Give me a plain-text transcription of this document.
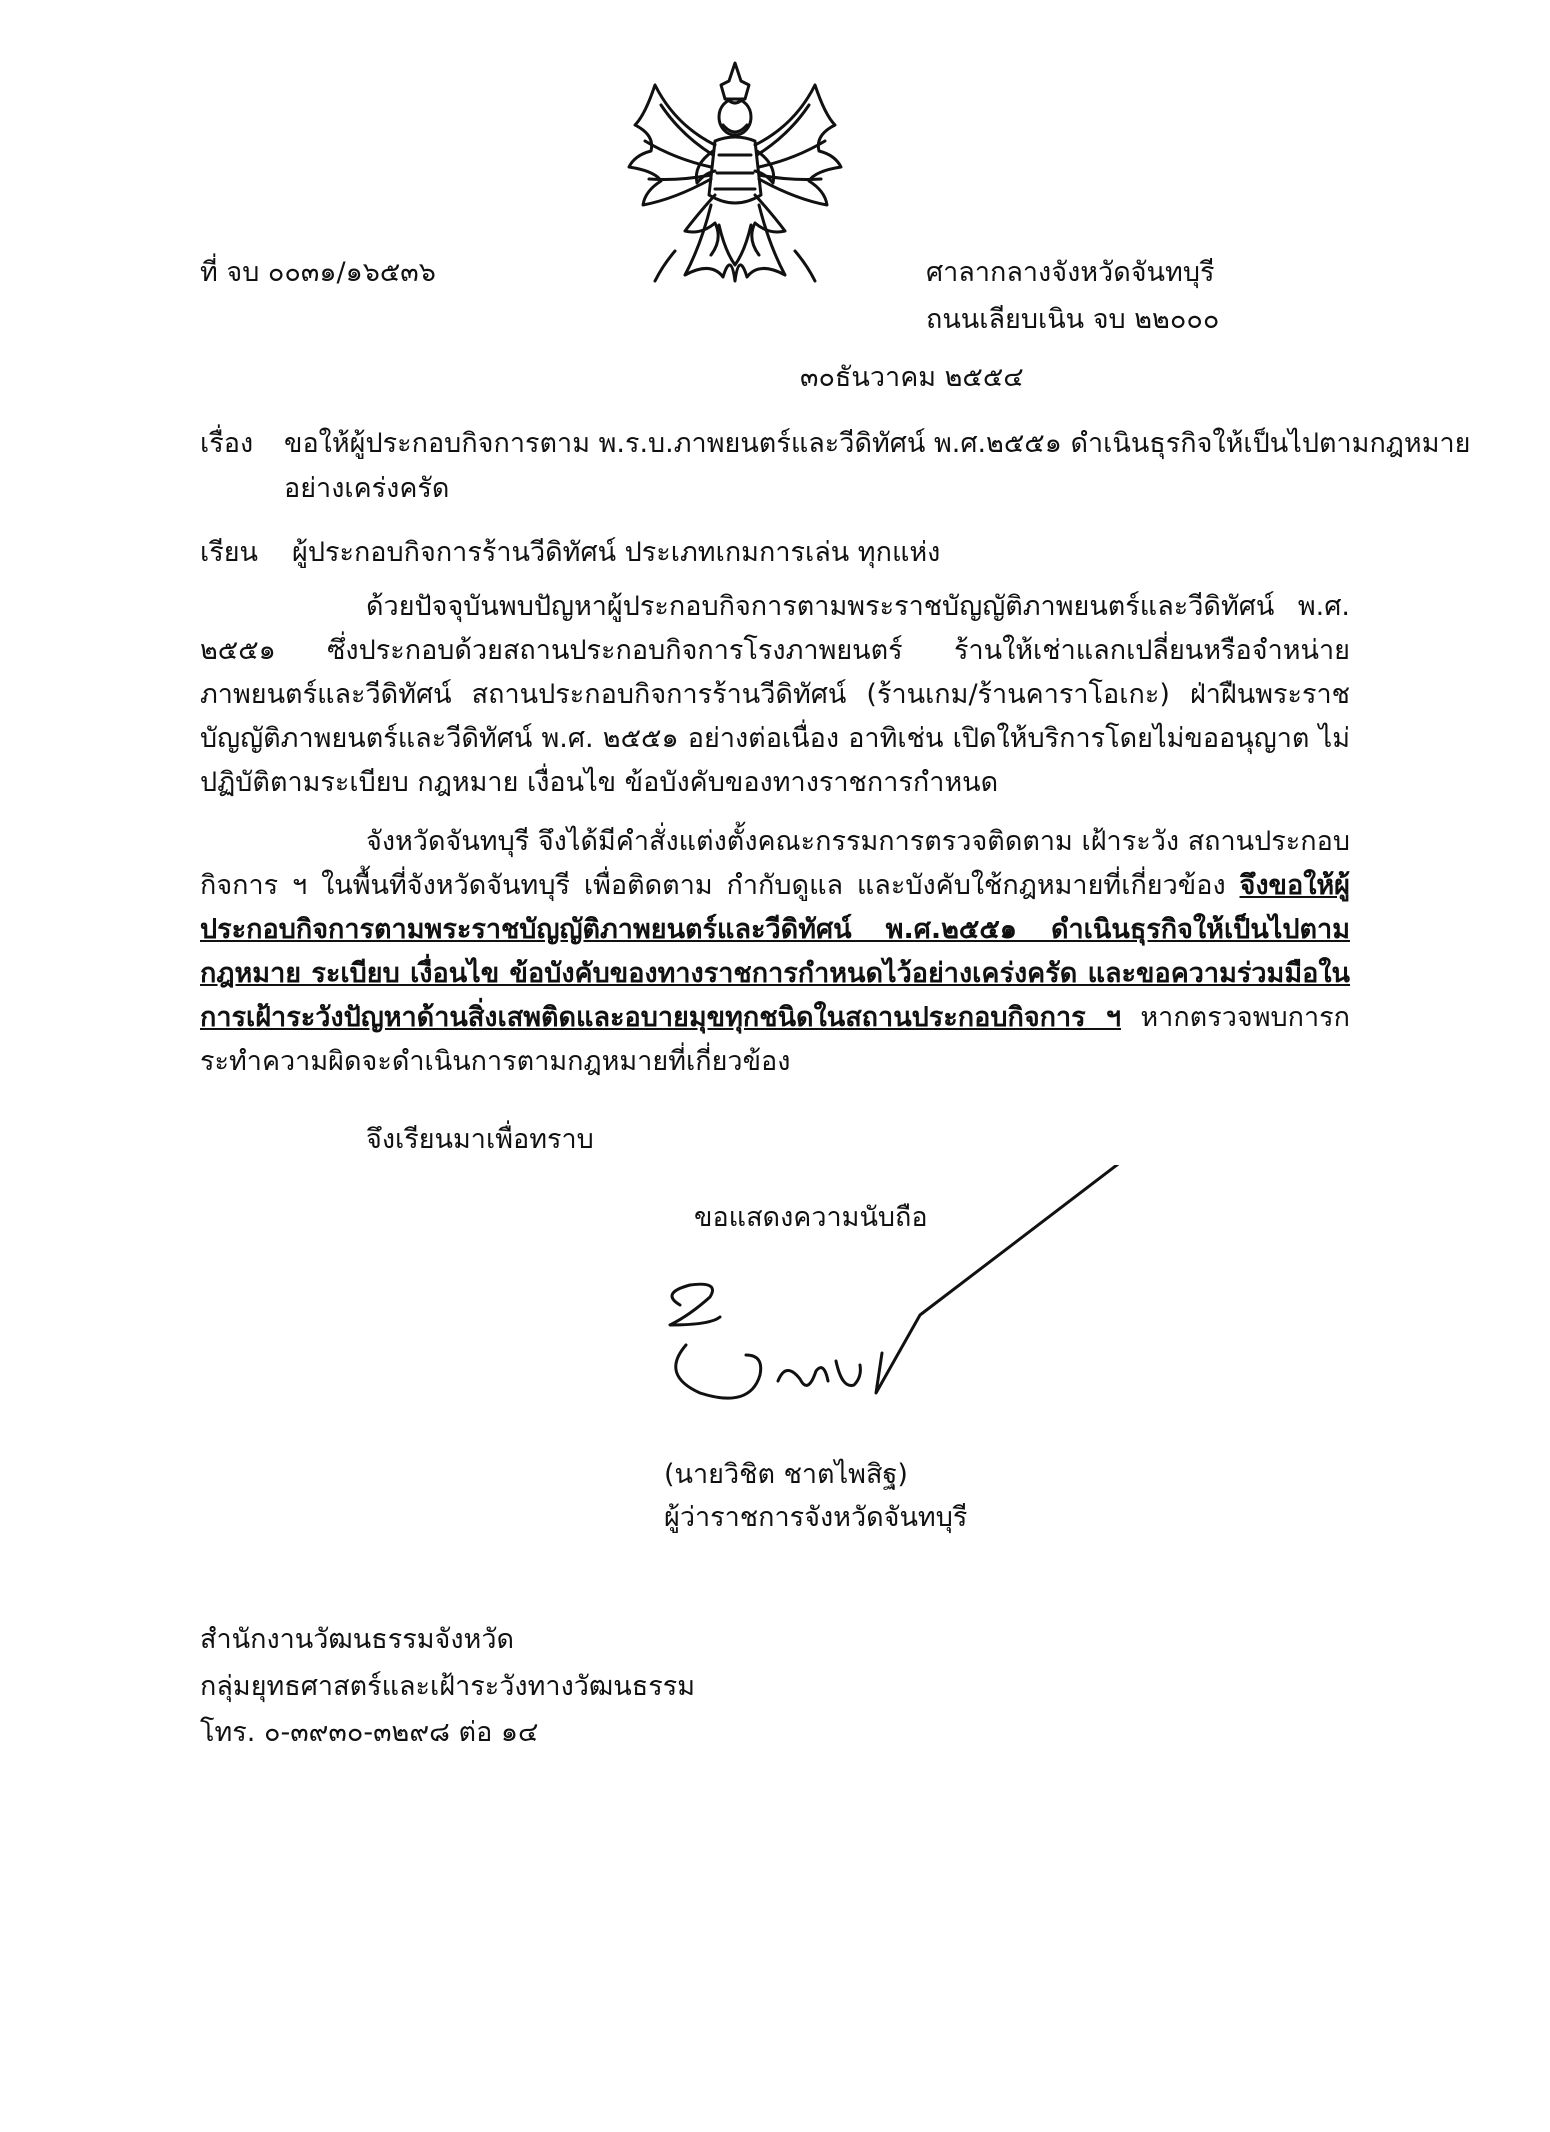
ที่ จบ ๐๐๓๑/๑๖๕๓๖	ศาลากลางจังหวัดจันทบุรี
ถนนเลียบเนิน จบ ๒๒๐๐๐
๓๐ธันวาคม ๒๕๕๔
เรื่อง ขอให้ผู้ประกอบกิจการตาม พ.ร.บ.ภาพยนตร์และวีดิทัศน์ พ.ศ.๒๕๕๑ ดำเนินธุรกิจให้เป็นไปตามกฎหมาย
อย่างเคร่งครัด
เรียน ผู้ประกอบกิจการร้านวีดิทัศน์ ประเภทเกมการเล่น ทุกแห่ง
ด้วยปัจจุบันพบปัญหาผู้ประกอบกิจการตามพระราชบัญญัติภาพยนตร์และวีดิทัศน์ พ.ศ. ๒๕๕๑ ซึ่งประกอบด้วยสถานประกอบกิจการโรงภาพยนตร์ ร้านให้เช่าแลกเปลี่ยนหรือจำหน่ายภาพยนตร์และวีดิทัศน์ สถานประกอบกิจการร้านวีดิทัศน์ (ร้านเกม/ร้านคาราโอเกะ) ฝ่าฝืนพระราชบัญญัติภาพยนตร์และวีดิทัศน์ พ.ศ. ๒๕๕๑ อย่างต่อเนื่อง อาทิเช่น เปิดให้บริการโดยไม่ขออนุญาต ไม่ปฏิบัติตามระเบียบ กฎหมาย เงื่อนไข ข้อบังคับของทางราชการกำหนด
จังหวัดจันทบุรี จึงได้มีคำสั่งแต่งตั้งคณะกรรมการตรวจติดตาม เฝ้าระวัง สถานประกอบกิจการ ฯ ในพื้นที่จังหวัดจันทบุรี เพื่อติดตาม กำกับดูแล และบังคับใช้กฎหมายที่เกี่ยวข้อง จึงขอให้ผู้ประกอบกิจการตามพระราชบัญญัติภาพยนตร์และวีดิทัศน์ พ.ศ.๒๕๕๑ ดำเนินธุรกิจให้เป็นไปตามกฎหมาย ระเบียบ เงื่อนไข ข้อบังคับของทางราชการกำหนดไว้อย่างเคร่งครัด และขอความร่วมมือในการเฝ้าระวังปัญหาด้านสิ่งเสพติดและอบายมุขทุกชนิดในสถานประกอบกิจการ ฯ หากตรวจพบการกระทำความผิดจะดำเนินการตามกฎหมายที่เกี่ยวข้อง
จึงเรียนมาเพื่อทราบ
ขอแสดงความนับถือ
(นายวิชิต ชาตไพสิฐ)
ผู้ว่าราชการจังหวัดจันทบุรี
สำนักงานวัฒนธรรมจังหวัด
กลุ่มยุทธศาสตร์และเฝ้าระวังทางวัฒนธรรม
โทร. ๐-๓๙๓๐-๓๒๙๘ ต่อ ๑๔
